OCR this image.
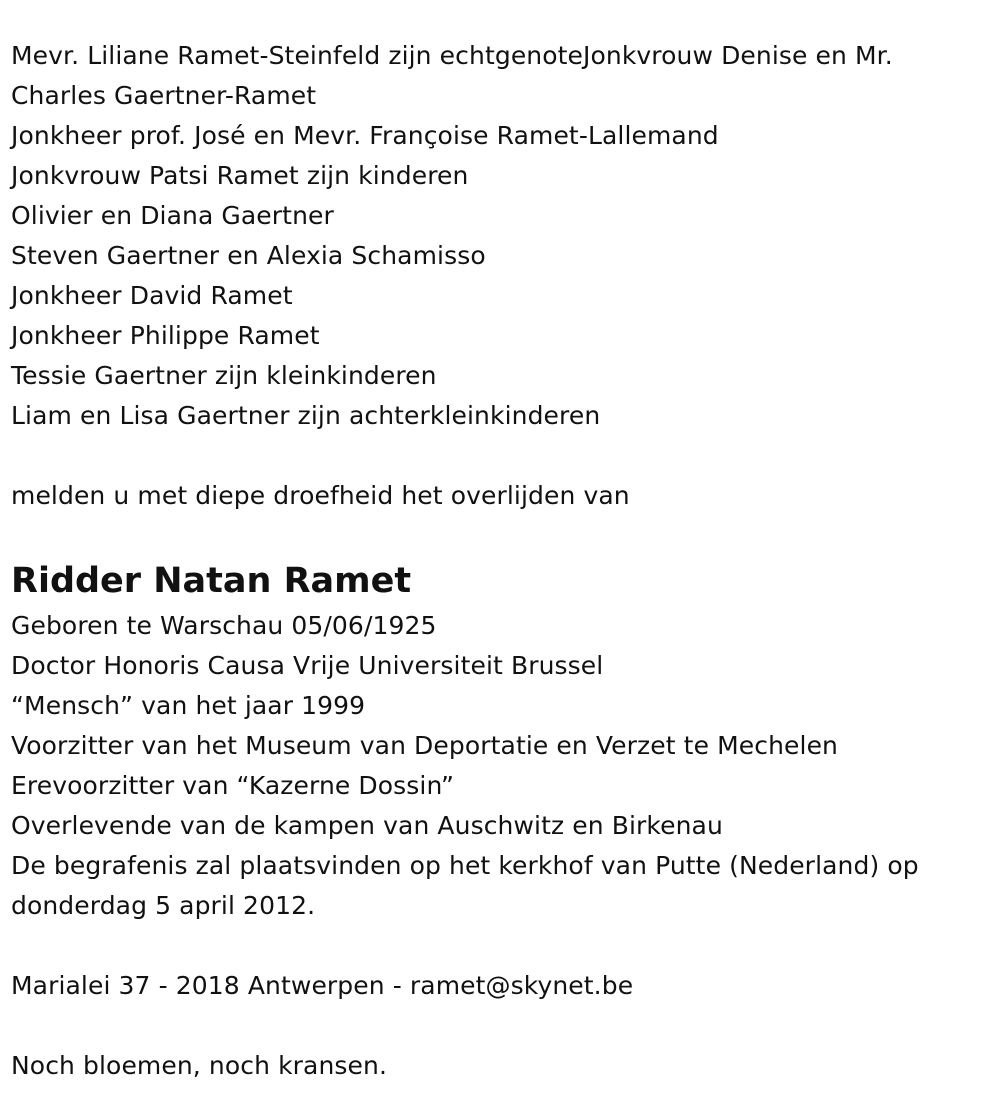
Mevr. Liliane Ramet-Steinfeld zijn echtgenoteJonkvrouw Denise en Mr.
Charles Gaertner-Ramet
Jonkheer prof. José en Mevr. Françoise Ramet-Lallemand
Jonkvrouw Patsi Ramet zijn kinderen
Olivier en Diana Gaertner
Steven Gaertner en Alexia Schamisso
Jonkheer David Ramet
Jonkheer Philippe Ramet
Tessie Gaertner zijn kleinkinderen
Liam en Lisa Gaertner zijn achterkleinkinderen
melden u met diepe droefheid het overlijden van
Ridder Natan Ramet
Geboren te Warschau 05/06/1925
Doctor Honoris Causa Vrije Universiteit Brussel
“Mensch” van het jaar 1999
Voorzitter van het Museum van Deportatie en Verzet te Mechelen
Erevoorzitter van “Kazerne Dossin”
Overlevende van de kampen van Auschwitz en Birkenau
De begrafenis zal plaatsvinden op het kerkhof van Putte (Nederland) op
donderdag 5 april 2012.
Marialei 37 - 2018 Antwerpen - ramet@skynet.be
Noch bloemen, noch kransen.
